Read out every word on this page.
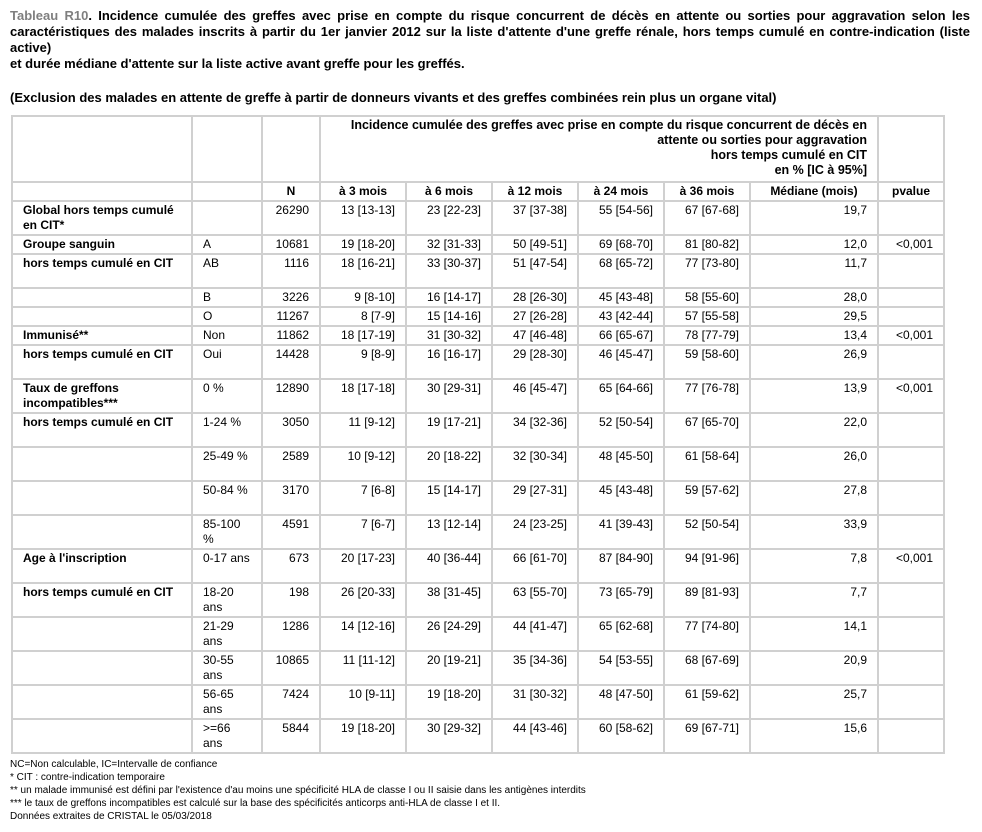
Tableau R10. Incidence cumulée des greffes avec prise en compte du risque concurrent de décès en attente ou sorties pour aggravation selon les caractéristiques des malades inscrits à partir du 1er janvier 2012 sur la liste d'attente d'une greffe rénale, hors temps cumulé en contre-indication (liste active)
et durée médiane d'attente sur la liste active avant greffe pour les greffés.
(Exclusion des malades en attente de greffe à partir de donneurs vivants et des greffes combinées rein plus un organe vital)

			Incidence cumulée des greffes avec prise en compte du risque concurrent de décès en
attente ou sorties pour aggravation
hors temps cumulé en CIT
en % [IC à 95%]						

		N	à 3 mois	à 6 mois	à 12 mois	à 24 mois	à 36 mois	Médiane (mois)	pvalue
Global hors temps cumulé en CIT*		26290	13 [13-13]	23 [22-23]	37 [37-38]	55 [54-56]	67 [67-68]	19,7	
Groupe sanguin	A	10681	19 [18-20]	32 [31-33]	50 [49-51]	69 [68-70]	81 [80-82]	12,0	<0,001
hors temps cumulé en CIT	AB	1116	18 [16-21]	33 [30-37]	51 [47-54]	68 [65-72]	77 [73-80]	11,7	
	B	3226	9 [8-10]	16 [14-17]	28 [26-30]	45 [43-48]	58 [55-60]	28,0	
	O	11267	8 [7-9]	15 [14-16]	27 [26-28]	43 [42-44]	57 [55-58]	29,5	
Immunisé**	Non	11862	18 [17-19]	31 [30-32]	47 [46-48]	66 [65-67]	78 [77-79]	13,4	<0,001
hors temps cumulé en CIT	Oui	14428	9 [8-9]	16 [16-17]	29 [28-30]	46 [45-47]	59 [58-60]	26,9	
Taux de greffons incompatibles***	0 %	12890	18 [17-18]	30 [29-31]	46 [45-47]	65 [64-66]	77 [76-78]	13,9	<0,001
hors temps cumulé en CIT	1-24 %	3050	11 [9-12]	19 [17-21]	34 [32-36]	52 [50-54]	67 [65-70]	22,0	
	25-49 %	2589	10 [9-12]	20 [18-22]	32 [30-34]	48 [45-50]	61 [58-64]	26,0	
	50-84 %	3170	7 [6-8]	15 [14-17]	29 [27-31]	45 [43-48]	59 [57-62]	27,8	
	85-100 %	4591	7 [6-7]	13 [12-14]	24 [23-25]	41 [39-43]	52 [50-54]	33,9	
Age à l'inscription	0-17 ans	673	20 [17-23]	40 [36-44]	66 [61-70]	87 [84-90]	94 [91-96]	7,8	<0,001
hors temps cumulé en CIT	18-20 ans	198	26 [20-33]	38 [31-45]	63 [55-70]	73 [65-79]	89 [81-93]	7,7	
	21-29 ans	1286	14 [12-16]	26 [24-29]	44 [41-47]	65 [62-68]	77 [74-80]	14,1	
	30-55 ans	10865	11 [11-12]	20 [19-21]	35 [34-36]	54 [53-55]	68 [67-69]	20,9	
	56-65 ans	7424	10 [9-11]	19 [18-20]	31 [30-32]	48 [47-50]	61 [59-62]	25,7	
	>=66 ans	5844	19 [18-20]	30 [29-32]	44 [43-46]	60 [58-62]	69 [67-71]	15,6	
NC=Non calculable, IC=Intervalle de confiance
* CIT : contre-indication temporaire
** un malade immunisé est défini par l'existence d'au moins une spécificité HLA de classe I ou II saisie dans les antigènes interdits
*** le taux de greffons incompatibles est calculé sur la base des spécificités anticorps anti-HLA de classe I et II.
Données extraites de CRISTAL le 05/03/2018
